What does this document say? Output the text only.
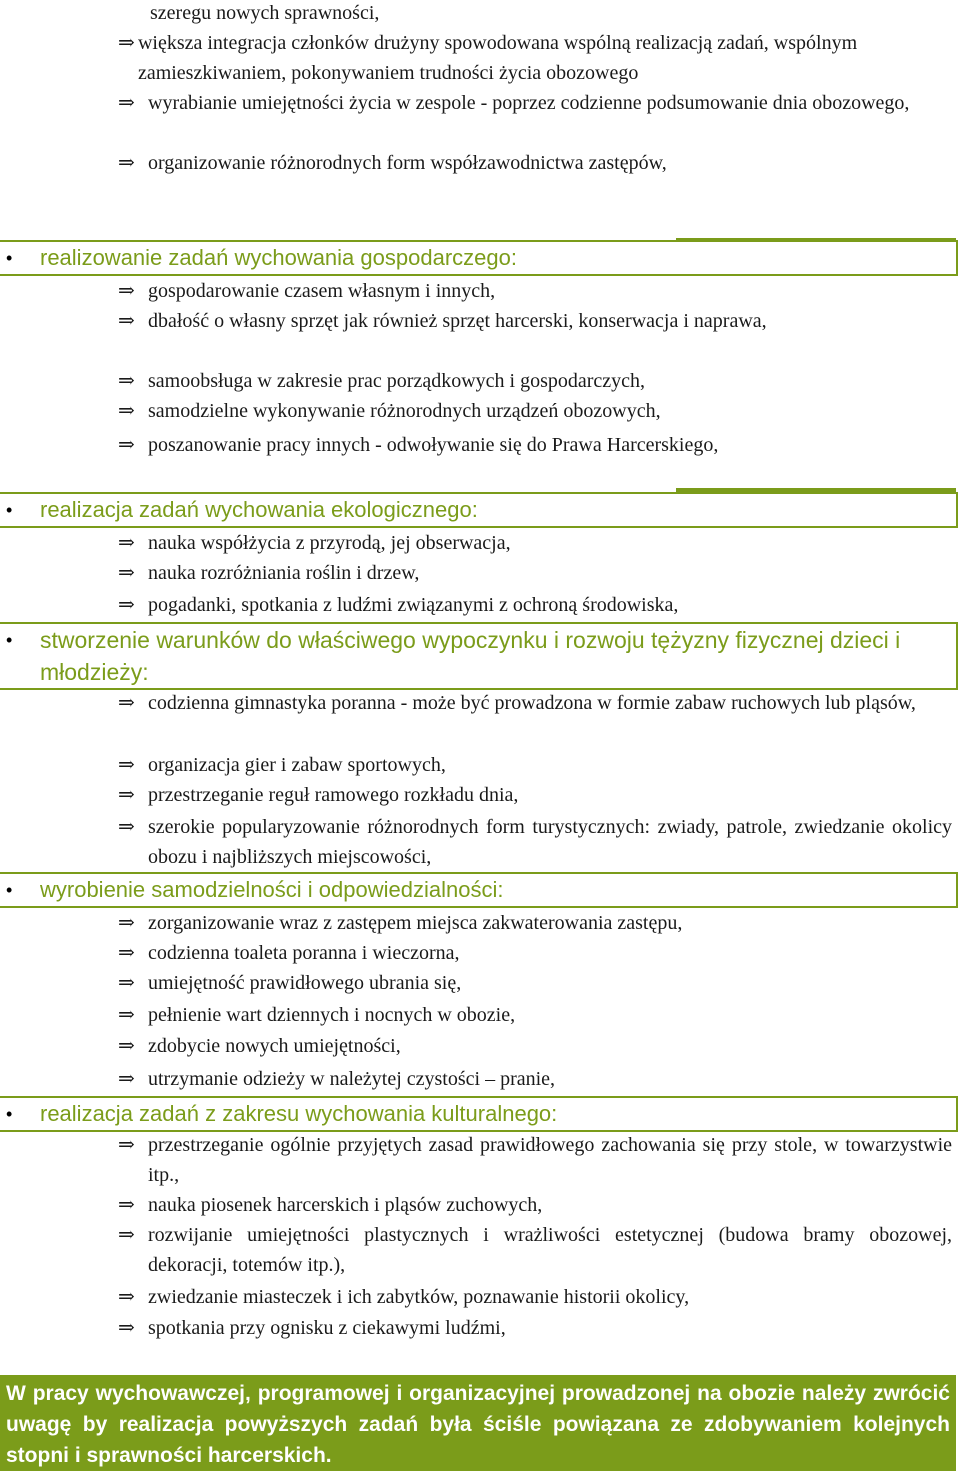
szeregu nowych sprawności,
⇒ większa integracja członków drużyny spowodowana wspólną realizacją zadań, wspólnym zamieszkiwaniem, pokonywaniem trudności życia obozowego
⇒ wyrabianie umiejętności życia w zespole - poprzez codzienne podsumowanie dnia obozowego,
⇒ organizowanie różnorodnych form współzawodnictwa zastępów,
•	realizowanie zadań wychowania gospodarczego:
⇒ gospodarowanie czasem własnym i innych,
⇒ dbałość o własny sprzęt jak również sprzęt harcerski, konserwacja i naprawa,
⇒ samoobsługa w zakresie prac porządkowych i gospodarczych,
⇒ samodzielne wykonywanie różnorodnych urządzeń obozowych,
⇒ poszanowanie pracy innych - odwoływanie się do Prawa Harcerskiego,
•	realizacja zadań wychowania ekologicznego:
⇒ nauka współżycia z przyrodą, jej obserwacja,
⇒ nauka rozróżniania roślin i drzew,
⇒ pogadanki, spotkania z ludźmi związanymi z ochroną środowiska,
•	stworzenie warunków do właściwego wypoczynku i rozwoju tężyzny fizycznej dzieci i młodzieży:
⇒ codzienna gimnastyka poranna - może być prowadzona w formie zabaw ruchowych lub pląsów,
⇒ organizacja gier i zabaw sportowych,
⇒ przestrzeganie reguł ramowego rozkładu dnia,
⇒ szerokie popularyzowanie różnorodnych form turystycznych: zwiady, patrole, zwiedzanie okolicy obozu i najbliższych miejscowości,
•	wyrobienie samodzielności i odpowiedzialności:
⇒ zorganizowanie wraz z zastępem miejsca zakwaterowania zastępu,
⇒ codzienna toaleta poranna i wieczorna,
⇒ umiejętność prawidłowego ubrania się,
⇒ pełnienie wart dziennych i nocnych w obozie,
⇒ zdobycie nowych umiejętności,
⇒ utrzymanie odzieży w należytej czystości – pranie,
•	realizacja zadań z zakresu wychowania kulturalnego:
⇒ przestrzeganie ogólnie przyjętych zasad prawidłowego zachowania się przy stole, w towarzystwie itp.,
⇒ nauka piosenek harcerskich i pląsów zuchowych,
⇒ rozwijanie umiejętności plastycznych i wrażliwości estetycznej (budowa bramy obozowej, dekoracji, totemów itp.),
⇒ zwiedzanie miasteczek i ich zabytków, poznawanie historii okolicy,
⇒ spotkania przy ognisku z ciekawymi ludźmi,
W pracy wychowawczej, programowej i organizacyjnej prowadzonej na obozie należy zwrócić uwagę by realizacja powyższych zadań była ściśle powiązana ze zdobywaniem kolejnych stopni i sprawności harcerskich.
